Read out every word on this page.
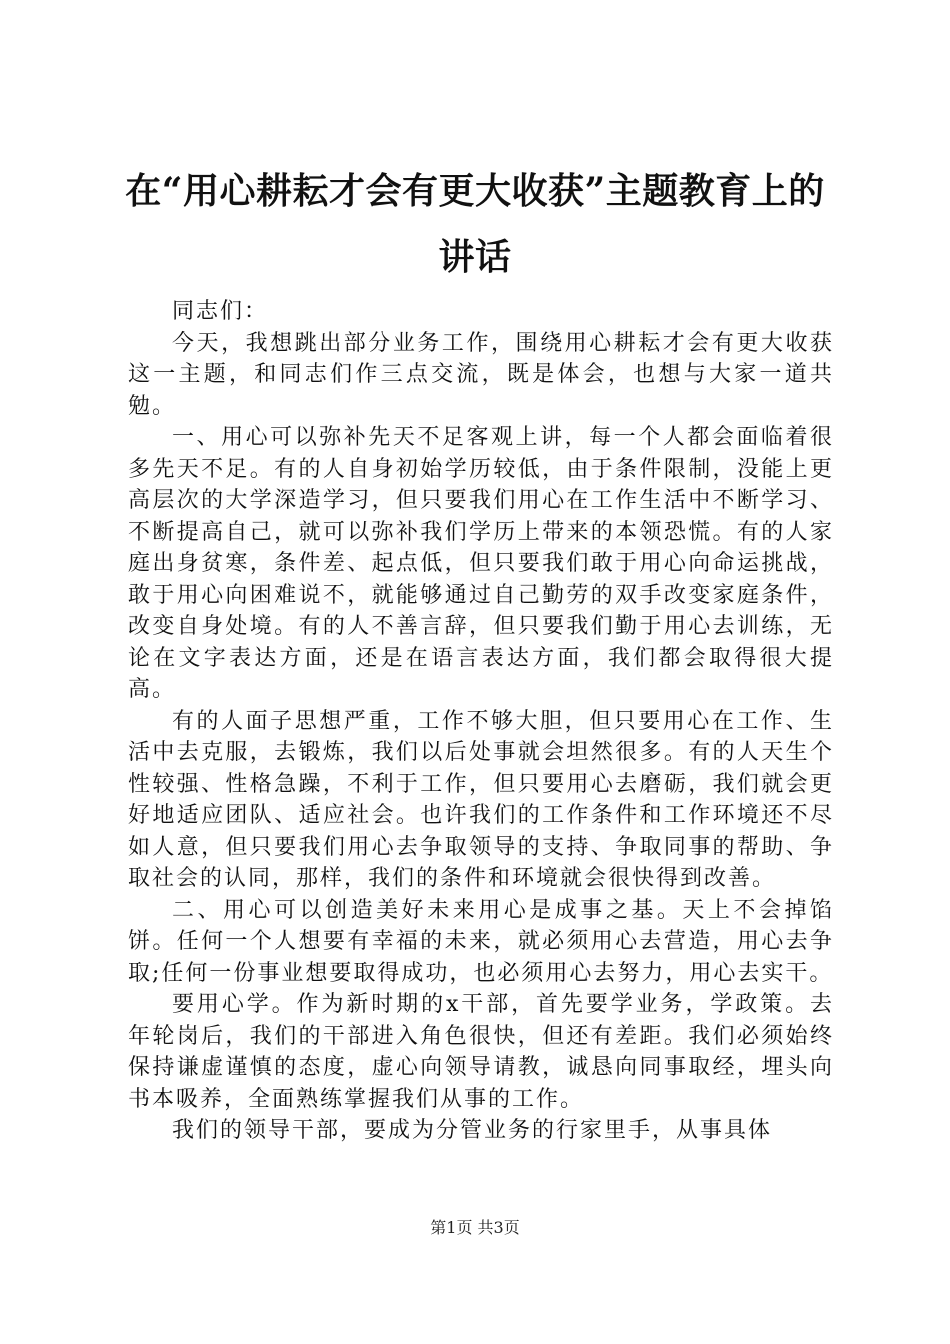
在“用心耕耘才会有更大收获”主题教育上的
讲话

同志们：

今天，我想跳出部分业务工作，围绕用心耕耘才会有更大收获这一主题，和同志们作三点交流，既是体会，也想与大家一道共勉。

一、用心可以弥补先天不足客观上讲，每一个人都会面临着很多先天不足。有的人自身初始学历较低，由于条件限制，没能上更高层次的大学深造学习，但只要我们用心在工作生活中不断学习、不断提高自己，就可以弥补我们学历上带来的本领恐慌。有的人家庭出身贫寒，条件差、起点低，但只要我们敢于用心向命运挑战，敢于用心向困难说不，就能够通过自己勤劳的双手改变家庭条件，改变自身处境。有的人不善言辞，但只要我们勤于用心去训练，无论在文字表达方面，还是在语言表达方面，我们都会取得很大提高。

有的人面子思想严重，工作不够大胆，但只要用心在工作、生活中去克服，去锻炼，我们以后处事就会坦然很多。有的人天生个性较强、性格急躁，不利于工作，但只要用心去磨砺，我们就会更好地适应团队、适应社会。也许我们的工作条件和工作环境还不尽如人意，但只要我们用心去争取领导的支持、争取同事的帮助、争取社会的认同，那样，我们的条件和环境就会很快得到改善。

二、用心可以创造美好未来用心是成事之基。天上不会掉馅饼。任何一个人想要有幸福的未来，就必须用心去营造，用心去争取;任何一份事业想要取得成功，也必须用心去努力，用心去实干。

要用心学。作为新时期的x干部，首先要学业务，学政策。去年轮岗后，我们的干部进入角色很快，但还有差距。我们必须始终保持谦虚谨慎的态度，虚心向领导请教，诚恳向同事取经，埋头向书本吸养，全面熟练掌握我们从事的工作。

我们的领导干部，要成为分管业务的行家里手，从事具体

第1页 共3页
